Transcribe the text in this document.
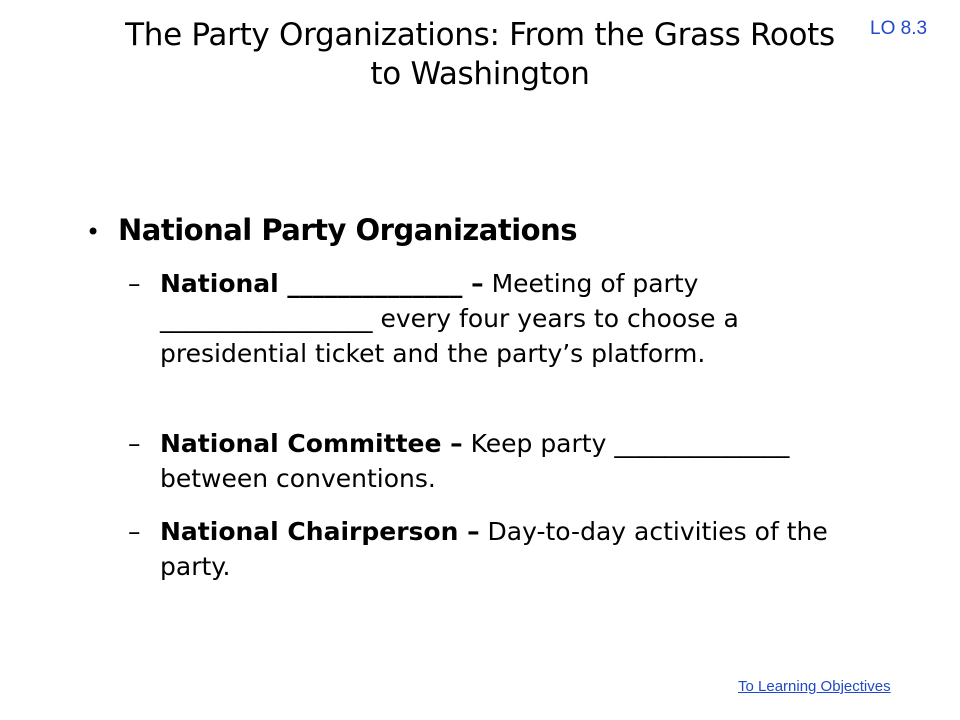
The Party Organizations: From the Grass Roots
to Washington
LO 8.3
• National Party Organizations
– National ______________ – Meeting of party _________________ every four years to choose a presidential ticket and the party’s platform.
– National Committee – Keep party ______________ between conventions.
– National Chairperson – Day-to-day activities of the party.
To Learning Objectives
